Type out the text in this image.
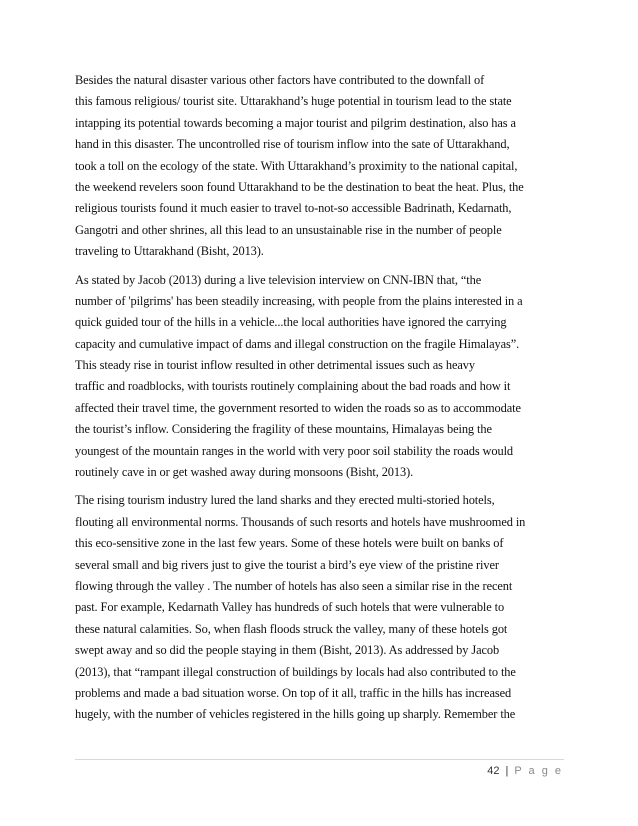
Besides the natural disaster various other factors have contributed to the downfall of
this famous religious/ tourist site. Uttarakhand’s huge potential in tourism lead to the state
intapping its potential towards becoming a major tourist and pilgrim destination, also has a
hand in this disaster. The uncontrolled rise of tourism inflow into the sate of Uttarakhand,
took a toll on the ecology of the state. With Uttarakhand’s proximity to the national capital,
the weekend revelers soon found Uttarakhand to be the destination to beat the heat. Plus, the
religious tourists found it much easier to travel to-not-so accessible Badrinath, Kedarnath,
Gangotri and other shrines, all this lead to an unsustainable rise in the number of people
traveling to Uttarakhand (Bisht, 2013).
As stated by Jacob (2013) during a live television interview on CNN-IBN that, “the
number of 'pilgrims' has been steadily increasing, with people from the plains interested in a
quick guided tour of the hills in a vehicle...the local authorities have ignored the carrying
capacity and cumulative impact of dams and illegal construction on the fragile Himalayas”.
This steady rise in tourist inflow resulted in other detrimental issues such as heavy
traffic and roadblocks, with tourists routinely complaining about the bad roads and how it
affected their travel time, the government resorted to widen the roads so as to accommodate
the tourist’s inflow. Considering the fragility of these mountains, Himalayas being the
youngest of the mountain ranges in the world with very poor soil stability the roads would
routinely cave in or get washed away during monsoons (Bisht, 2013).
The rising tourism industry lured the land sharks and they erected multi-storied hotels,
flouting all environmental norms. Thousands of such resorts and hotels have mushroomed in
this eco-sensitive zone in the last few years. Some of these hotels were built on banks of
several small and big rivers just to give the tourist a bird’s eye view of the pristine river
flowing through the valley . The number of hotels has also seen a similar rise in the recent
past. For example, Kedarnath Valley has hundreds of such hotels that were vulnerable to
these natural calamities. So, when flash floods struck the valley, many of these hotels got
swept away and so did the people staying in them (Bisht, 2013). As addressed by Jacob
(2013), that “rampant illegal construction of buildings by locals had also contributed to the
problems and made a bad situation worse. On top of it all, traffic in the hills has increased
hugely, with the number of vehicles registered in the hills going up sharply. Remember the
42 | P a g e
